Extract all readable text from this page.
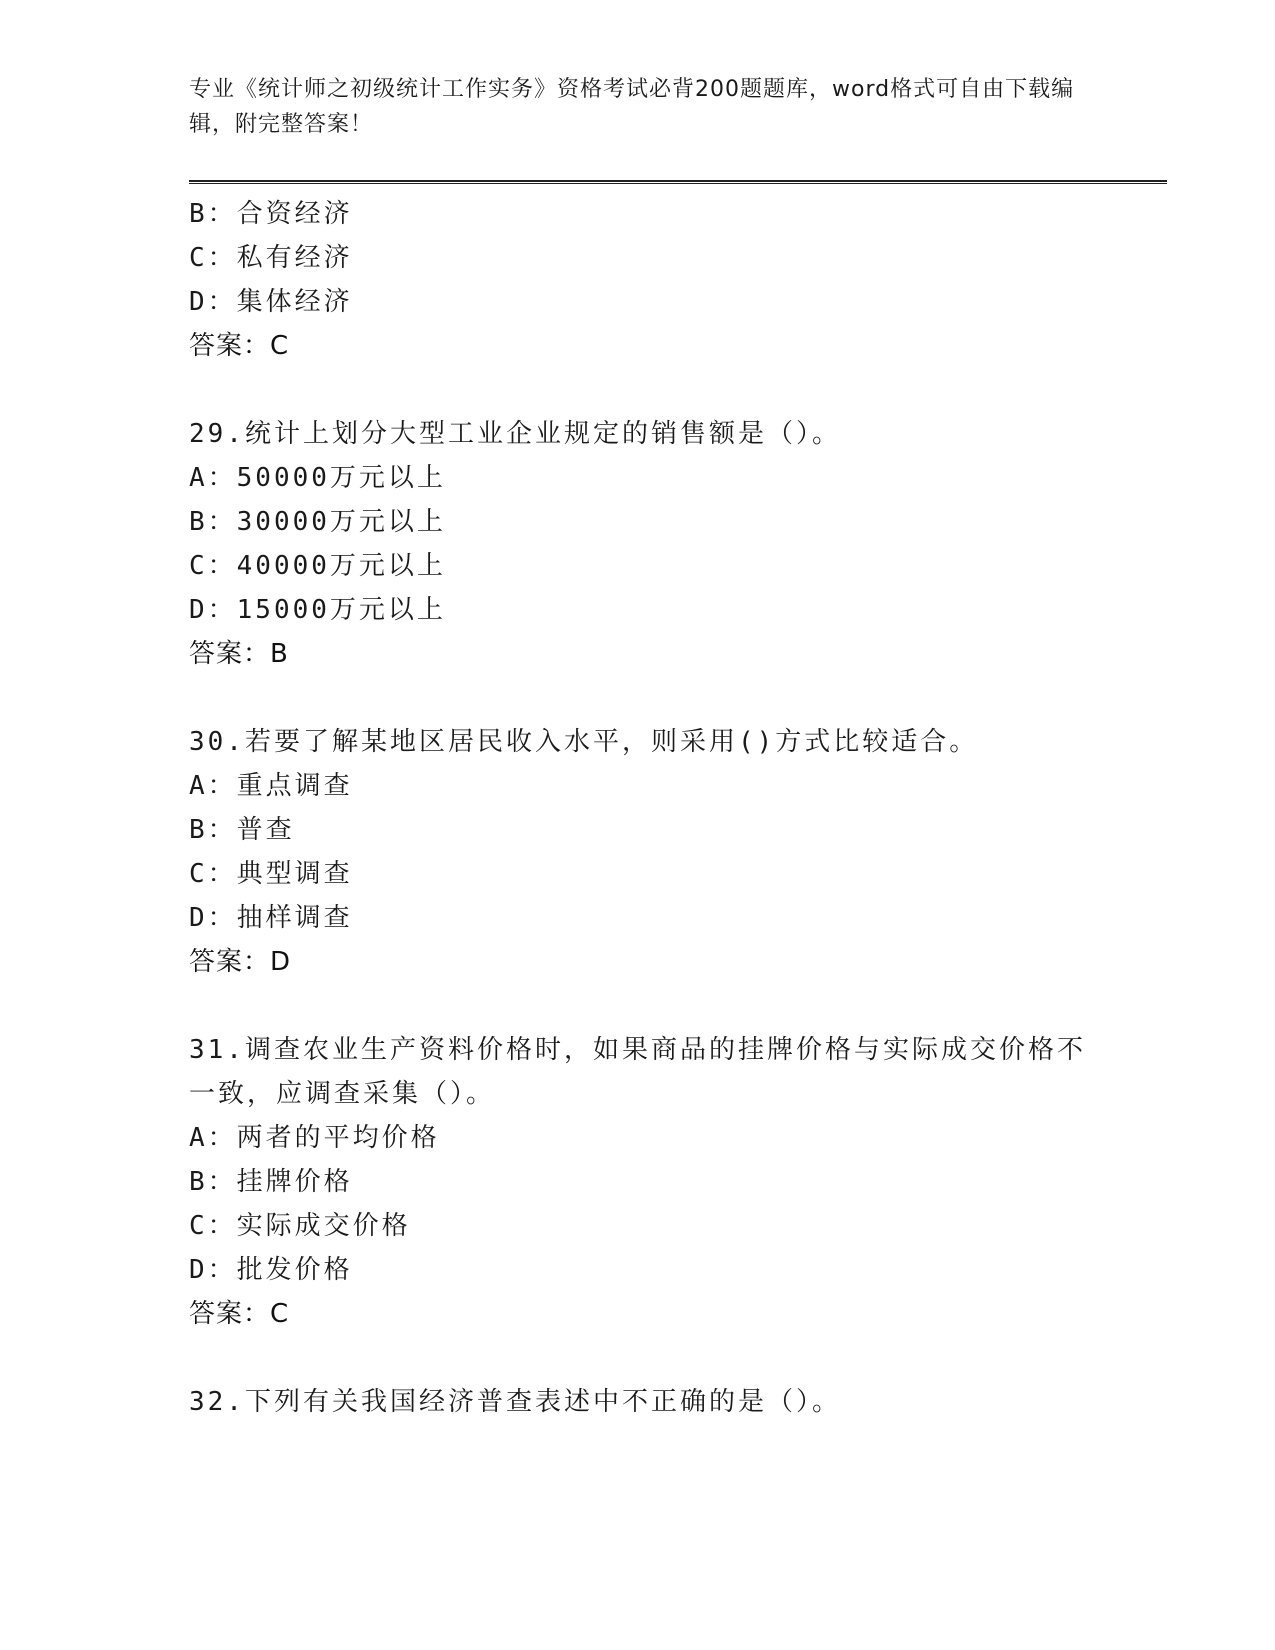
专业《统计师之初级统计工作实务》资格考试必背200题题库，word格式可自由下载编辑，附完整答案！
B：合资经济
C：私有经济
D：集体经济
答案：C
29.统计上划分大型工业企业规定的销售额是（）。
A：50000万元以上
B：30000万元以上
C：40000万元以上
D：15000万元以上
答案：B
30.若要了解某地区居民收入水平，则采用()方式比较适合。
A：重点调查
B：普查
C：典型调查
D：抽样调查
答案：D
31.调查农业生产资料价格时，如果商品的挂牌价格与实际成交价格不
一致，应调查采集（）。
A：两者的平均价格
B：挂牌价格
C：实际成交价格
D：批发价格
答案：C
32.下列有关我国经济普查表述中不正确的是（）。
